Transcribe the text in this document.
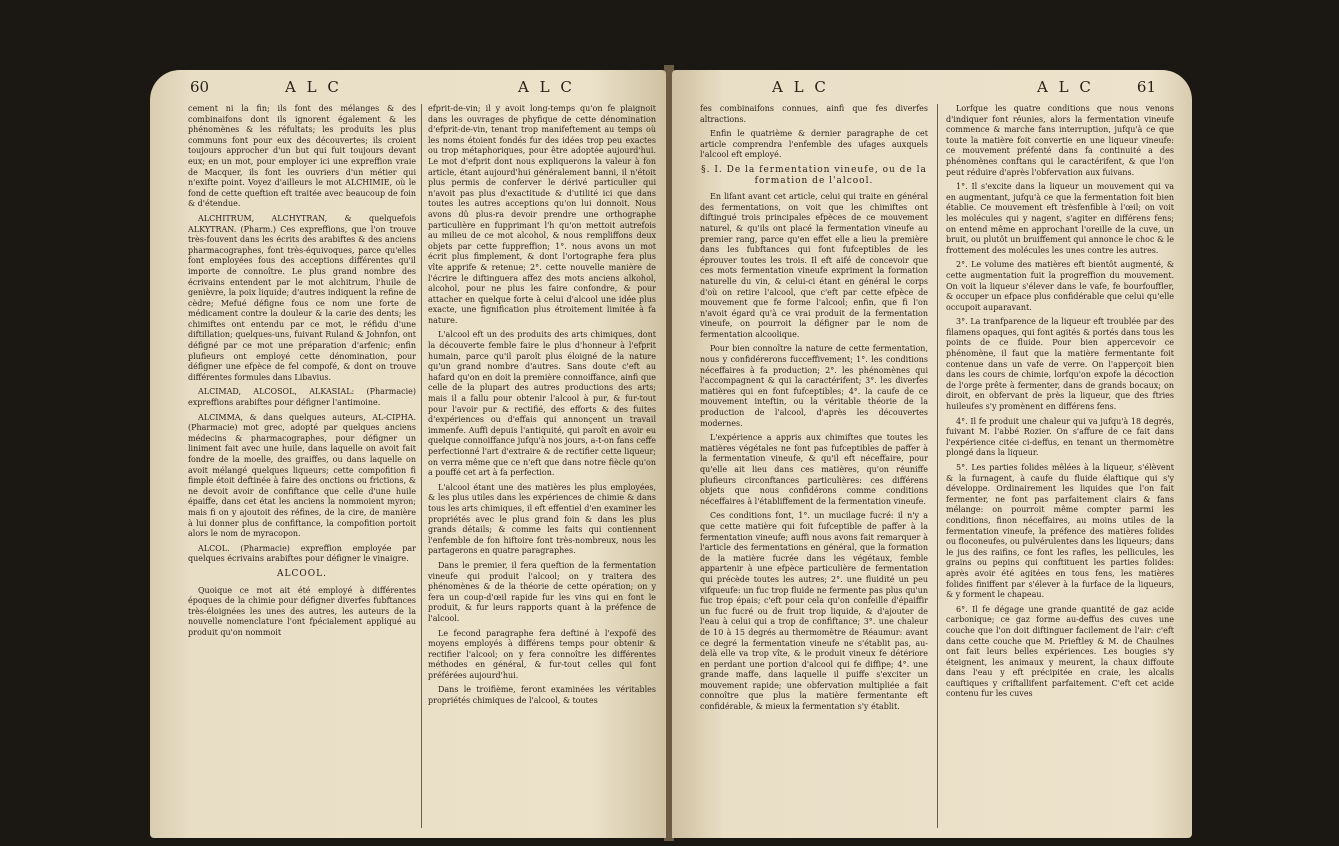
60	A L C	A L C

cement ni la fin; ils font des mélanges & des combinaifons dont ils ignorent également & les phénomènes & les réfultats; les produits les plus communs font pour eux des découvertes; ils croient toujours approcher d'un but qui fuit toujours devant eux; en un mot, pour employer ici une expreffion vraie de Macquer, ils font les ouvriers d'un métier qui n'exifte point. Voyez d'ailleurs le mot ALCHIMIE, où le fond de cette queftion eft traitée avec beaucoup de foin & d'étendue.

ALCHITRUM, ALCHYTRAN, & quelquefois ALKYTRAN. (Pharm.) Ces expreffions, que l'on trouve très-fouvent dans les écrits des arabiftes & des anciens pharmacographes, font très-équivoques, parce qu'elles font employées fous des acceptions différentes qu'il importe de connoître. Le plus grand nombre des écrivains entendent par le mot alchitrum, l'huile de genièvre, la poix liquide; d'autres indiquent la refine de cèdre; Mefué défigne fous ce nom une forte de médicament contre la douleur & la carie des dents; les chimiftes ont entendu par ce mot, le réfidu d'une diftillation; quelques-uns, fuivant Ruland & Johnfon, ont défigné par ce mot une préparation d'arfenic; enfin plufieurs ont employé cette dénomination, pour défigner une efpèce de fel compofé, & dont on trouve différentes formules dans Libavius.

ALCIMAD, ALCOSOL, ALKASIAL: (Pharmacie) expreffions arabiftes pour défigner l'antimoine.

ALCIMMA, & dans quelques auteurs, AL-CIPHA. (Pharmacie) mot grec, adopté par quelques anciens médecins & pharmacographes, pour défigner un liniment fait avec une huile, dans laquelle on avoit fait fondre de la moelle, des graiffes, ou dans laquelle on avoit mélangé quelques liqueurs; cette compofition fi fimple étoit deftinée à faire des onctions ou frictions, & ne devoit avoir de confiftance que celle d'une huile épaiffe, dans cet état les anciens la nommoient myron; mais fi on y ajoutoit des réfines, de la cire, de manière à lui donner plus de confiftance, la compofition portoit alors le nom de myracopon.

ALCOL. (Pharmacie) expreffion employée par quelques écrivains arabiftes pour défigner le vinaigre.

ALCOOL.

Quoique ce mot ait été employé à différentes époques de la chimie pour défigner diverfes fubftances très-éloignées les unes des autres, les auteurs de la nouvelle nomenclature l'ont fpécialement appliqué au produit qu'on nommoit

efprit-de-vin; il y avoit long-temps qu'on fe plaignoit dans les ouvrages de phyfique de cette dénomination d'efprit-de-vin, tenant trop manifeftement au temps où les noms étoient fondés fur des idées trop peu exactes ou trop métaphoriques, pour être adoptée aujourd'hui. Le mot d'efprit dont nous expliquerons la valeur à fon article, étant aujourd'hui généralement banni, il n'étoit plus permis de conferver le dérivé particulier qui n'avoit pas plus d'exactitude & d'utilité ici que dans toutes les autres acceptions qu'on lui donnoit. Nous avons dû plus-ra devoir prendre une orthographe particulière en fupprimant l'h qu'on mettoit autrefois au milieu de ce mot alcohol, & nous rempliffons deux objets par cette fuppreffion; 1°. nous avons un mot écrit plus fimplement, & dont l'ortographe fera plus vîte apprife & retenue; 2°. cette nouvelle manière de l'écrire le diftinguera affez des mots anciens alkohol, alcohol, pour ne plus les faire confondre, & pour attacher en quelque forte à celui d'alcool une idée plus exacte, une fignification plus étroitement limitée à fa nature.

L'alcool eft un des produits des arts chimiques, dont la découverte femble faire le plus d'honneur à l'efprit humain, parce qu'il paroît plus éloigné de la nature qu'un grand nombre d'autres. Sans doute c'eft au hafard qu'on en doit la première connoiffance, ainfi que celle de la plupart des autres productions des arts; mais il a fallu pour obtenir l'alcool à pur, & fur-tout pour l'avoir pur & rectifié, des efforts & des fuites d'expériences ou d'effais qui annonçent un travail immenfe. Auffi depuis l'antiquité, qui paroît en avoir eu quelque connoiffance jufqu'à nos jours, a-t-on fans ceffe perfectionné l'art d'extraire & de rectifier cette liqueur; on verra même que ce n'eft que dans notre fiècle qu'on a pouffé cet art à fa perfection.

L'alcool étant une des matières les plus employées, & les plus utiles dans les expériences de chimie & dans tous les arts chimiques, il eft effentiel d'en examiner les propriétés avec le plus grand foin & dans les plus grands détails; & comme les faits qui contiennent l'enfemble de fon hiftoire font très-nombreux, nous les partagerons en quatre paragraphes.

Dans le premier, il fera queftion de la fermentation vineufe qui produit l'alcool; on y traitera des phénomènes & de la théorie de cette opération; on y fera un coup-d'œil rapide fur les vins qui en font le produit, & fur leurs rapports quant à la préfence de l'alcool.

Le fecond paragraphe fera deftiné à l'expofé des moyens employés à différens temps pour obtenir & rectifier l'alcool; on y fera connoître les différentes méthodes en général, & fur-tout celles qui font préférées aujourd'hui.

Dans le troifième, feront examinées les véritables propriétés chimiques de l'alcool, & toutes

A L C	A L C	61

fes combinaifons connues, ainfi que fes diverfes altractions.

Enfin le quatrième & dernier paragraphe de cet article comprendra l'enfemble des ufages auxquels l'alcool eft employé.

§. I. De la fermentation vineufe, ou de la formation de l'alcool.

En lifant avant cet article, celui qui traite en général des fermentations, on voit que les chimiftes ont diftingué trois principales efpèces de ce mouvement naturel, & qu'ils ont placé la fermentation vineufe au premier rang, parce qu'en effet elle a lieu la première dans les fubftances qui font fufceptibles de les éprouver toutes les trois. Il eft aifé de concevoir que ces mots fermentation vineufe expriment la formation naturelle du vin, & celui-ci étant en général le corps d'où on retire l'alcool, que c'eft par cette efpèce de mouvement que fe forme l'alcool; enfin, que fi l'on n'avoit égard qu'à ce vrai produit de la fermentation vineufe, on pourroit la défigner par le nom de fermentation alcoolique.

Pour bien connoître la nature de cette fermentation, nous y confidérerons fucceffivement; 1°. les conditions néceffaires à fa production; 2°. les phénomènes qui l'accompagnent & qui la caractérifent; 3°. les diverfes matières qui en font fufceptibles; 4°. la caufe de ce mouvement inteftin, ou la véritable théorie de la production de l'alcool, d'après les découvertes modernes.

L'expérience a appris aux chimiftes que toutes les matières végétales ne font pas fufceptibles de paffer à la fermentation vineufe, & qu'il eft néceffaire, pour qu'elle ait lieu dans ces matières, qu'on réuniffe plufieurs circonftances particulières: ces différens objets que nous confidérons comme conditions néceffaires à l'établiffement de la fermentation vineufe.

Ces conditions font, 1°. un mucilage fucré: il n'y a que cette matière qui foit fufceptible de paffer à la fermentation vineufe; auffi nous avons fait remarquer à l'article des fermentations en général, que la formation de la matière fucrée dans les végétaux, femble appartenir à une efpèce particulière de fermentation qui précède toutes les autres; 2°. une fluidité un peu vifqueufe: un fuc trop fluide ne fermente pas plus qu'un fuc trop épais; c'eft pour cela qu'on confeille d'épaiffir un fuc fucré ou de fruit trop liquide, & d'ajouter de l'eau à celui qui a trop de confiftance; 3°. une chaleur de 10 à 15 degrés au thermomètre de Réaumur: avant ce degré la fermentation vineufe ne s'établit pas, au-delà elle va trop vîte, & le produit vineux fe détériore en perdant une portion d'alcool qui fe diffipe; 4°. une grande maffe, dans laquelle il puiffe s'exciter un mouvement rapide; une obfervation multipliée a fait connoître que plus la matière fermentante eft confidérable, & mieux la fermentation s'y établit.

Lorfque les quatre conditions que nous venons d'indiquer font réunies, alors la fermentation vineufe commence & marche fans interruption, jufqu'à ce que toute la matière foit convertie en une liqueur vineufe: ce mouvement préfenté dans fa continuité a des phénomènes conftans qui le caractérifent, & que l'on peut réduire d'après l'obfervation aux fuivans.

1°. Il s'excite dans la liqueur un mouvement qui va en augmentant, jufqu'à ce que la fermentation foit bien établie. Ce mouvement eft trèsfenfible à l'œil; on voit les molécules qui y nagent, s'agiter en différens fens; on entend même en approchant l'oreille de la cuve, un bruit, ou plutôt un bruiffement qui annonce le choc & le frottement des molécules les unes contre les autres.

2°. Le volume des matières eft bientôt augmenté, & cette augmentation fuit la progreffion du mouvement. On voit la liqueur s'élever dans le vafe, fe bourfouffler, & occuper un efpace plus confidérable que celui qu'elle occupoit auparavant.

3°. La tranfparence de la liqueur eft troublée par des filamens opaques, qui font agités & portés dans tous les points de ce fluide. Pour bien appercevoir ce phénomène, il faut que la matière fermentante foit contenue dans un vafe de verre. On l'apperçoit bien dans les cours de chimie, lorfqu'on expofe la décoction de l'orge prête à fermenter, dans de grands bocaux; on diroit, en obfervant de près la liqueur, que des ftries huileufes s'y promènent en différens fens.

4°. Il fe produit une chaleur qui va jufqu'à 18 degrés, fuivant M. l'abbé Rozier. On s'affure de ce fait dans l'expérience citée ci-deffus, en tenant un thermomètre plongé dans la liqueur.

5°. Les parties folides mêlées à la liqueur, s'élèvent & la furnagent, à caufe du fluide élaftique qui s'y développe. Ordinairement les liquides que l'on fait fermenter, ne font pas parfaitement clairs & fans mélange: on pourroit même compter parmi les conditions, finon néceffaires, au moins utiles de la fermentation vineufe, la préfence des matières folides ou floconeufes, ou pulvérulentes dans les liqueurs; dans le jus des raifins, ce font les rafles, les pellicules, les grains ou pepins qui conftituent les parties folides: après avoir été agitées en tous fens, les matières folides finiffent par s'élever à la furface de la liqueurs, & y forment le chapeau.

6°. Il fe dégage une grande quantité de gaz acide carbonique; ce gaz forme au-deffus des cuves une couche que l'on doit diftinguer facilement de l'air: c'eft dans cette couche que M. Prieftley & M. de Chaulnes ont fait leurs belles expériences. Les bougies s'y éteignent, les animaux y meurent, la chaux diffoute dans l'eau y eft précipitée en craie, les alcalis cauftiques y criftallifent parfaitement. C'eft cet acide contenu fur les cuves
